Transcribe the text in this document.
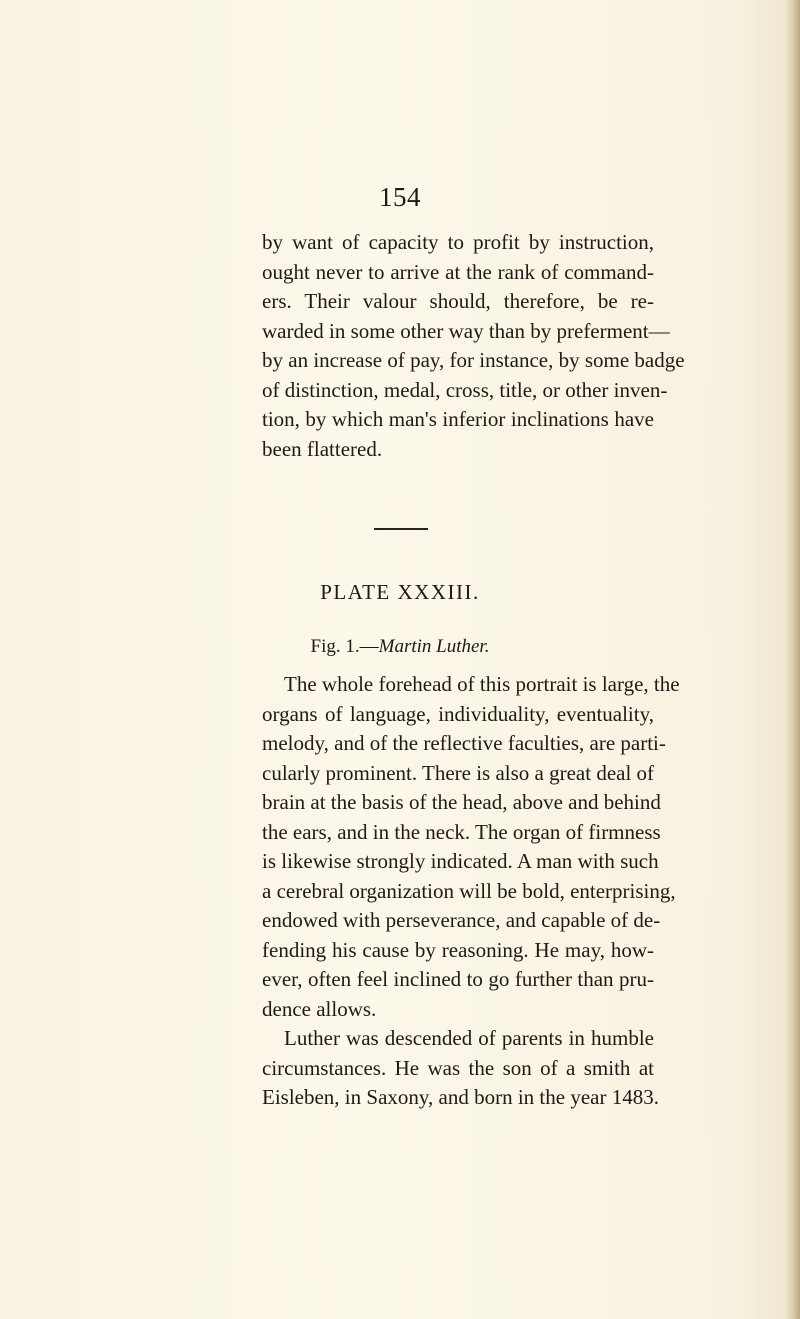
154
by want of capacity to profit by instruction,
ought never to arrive at the rank of command-
ers. Their valour should, therefore, be re-
warded in some other way than by preferment—
by an increase of pay, for instance, by some badge
of distinction, medal, cross, title, or other inven-
tion, by which man's inferior inclinations have
been flattered.
PLATE XXXIII.
Fig. 1.—Martin Luther.
The whole forehead of this portrait is large, the
organs of language, individuality, eventuality,
melody, and of the reflective faculties, are parti-
cularly prominent. There is also a great deal of
brain at the basis of the head, above and behind
the ears, and in the neck. The organ of firmness
is likewise strongly indicated. A man with such
a cerebral organization will be bold, enterprising,
endowed with perseverance, and capable of de-
fending his cause by reasoning. He may, how-
ever, often feel inclined to go further than pru-
dence allows.
Luther was descended of parents in humble
circumstances. He was the son of a smith at
Eisleben, in Saxony, and born in the year 1483.
